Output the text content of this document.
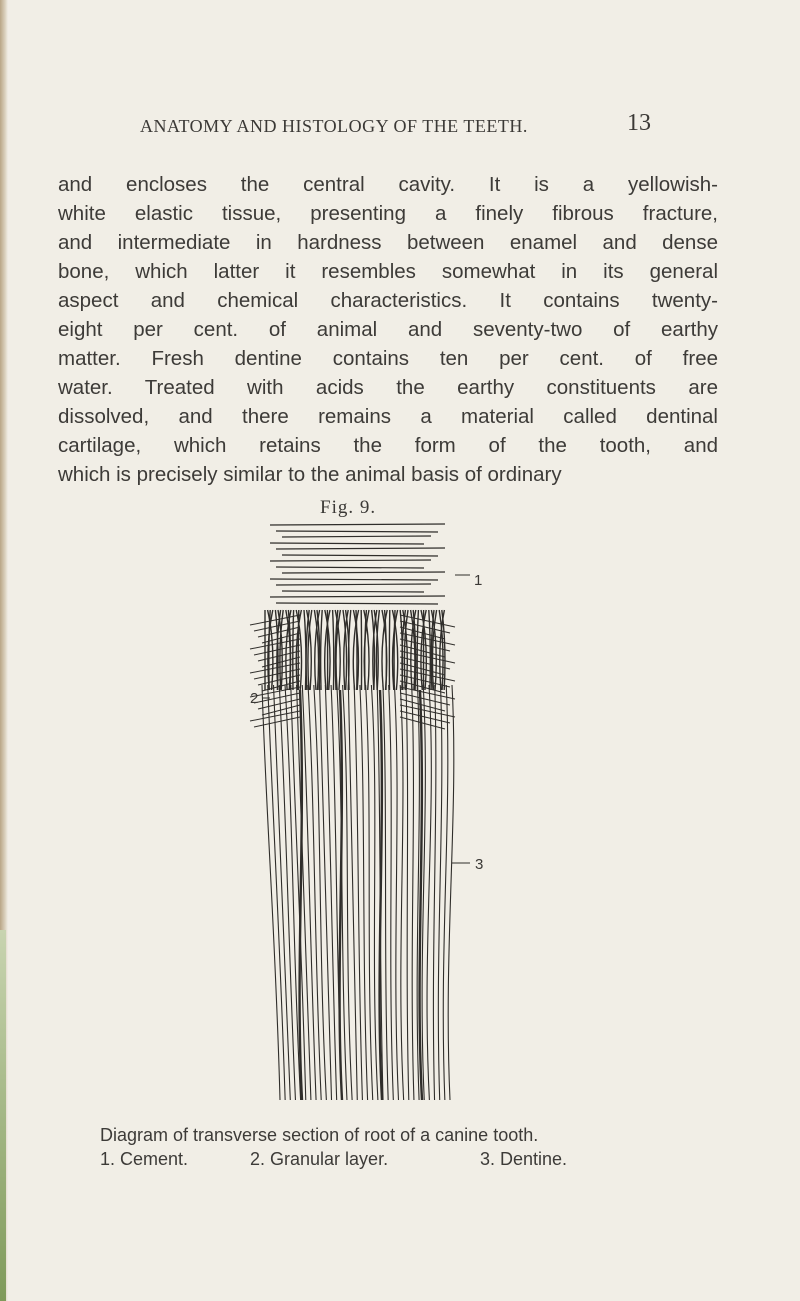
ANATOMY AND HISTOLOGY OF THE TEETH.	13
and encloses the central cavity. It is a yellowish-
white elastic tissue, presenting a finely fibrous fracture,
and intermediate in hardness between enamel and dense
bone, which latter it resembles somewhat in its general
aspect and chemical characteristics. It contains twenty-
eight per cent. of animal and seventy-two of earthy
matter. Fresh dentine contains ten per cent. of free
water. Treated with acids the earthy constituents are
dissolved, and there remains a material called dentinal
cartilage, which retains the form of the tooth, and
which is precisely similar to the animal basis of ordinary
Fig. 9.
1
2
3
Diagram of transverse section of root of a canine tooth.
1. Cement.	2. Granular layer.	3. Dentine.
